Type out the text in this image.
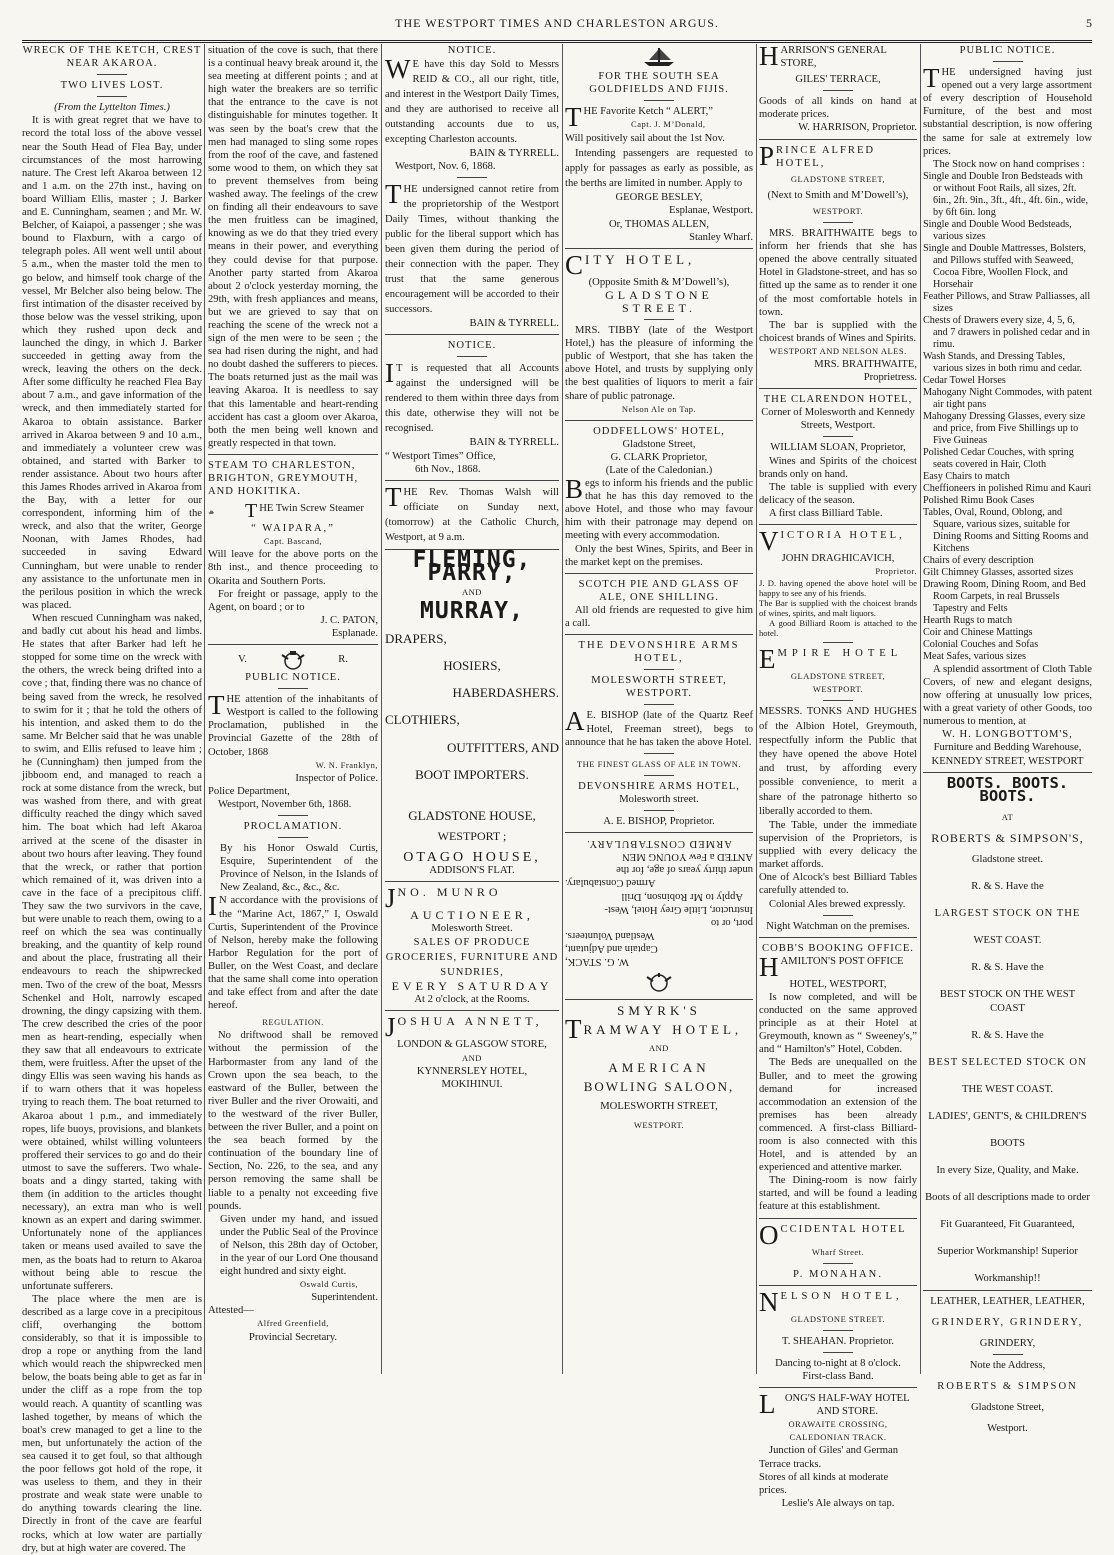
THE WESTPORT TIMES AND CHARLESTON ARGUS.	5

WRECK OF THE KETCH, CREST NEAR AKAROA.

TWO LIVES LOST.

(From the Lyttelton Times.)

It is with great regret that we have to record the total loss of the above vessel near the South Head of Flea Bay, under circumstances of the most harrowing nature. The Crest left Akaroa between 12 and 1 a.m. on the 27th inst., having on board William Ellis, master ; J. Barker and E. Cunningham, seamen ; and Mr. W. Belcher, of Kaiapoi, a passenger ; she was bound to Flaxburn, with a cargo of telegraph poles. All went well until about 5 a.m., when the master told the men to go below, and himself took charge of the vessel, Mr Belcher also being below. The first intimation of the disaster received by those below was the vessel striking, upon which they rushed upon deck and launched the dingy, in which J. Barker succeeded in getting away from the wreck, leaving the others on the deck. After some difficulty he reached Flea Bay about 7 a.m., and gave information of the wreck, and then immediately started for Akaroa to obtain assistance. Barker arrived in Akaroa between 9 and 10 a.m., and immediately a volunteer crew was obtained, and started with Barker to render assistance. About two hours after this James Rhodes arrived in Akaroa from the Bay, with a letter for our correspondent, informing him of the wreck, and also that the writer, George Noonan, with James Rhodes, had succeeded in saving Edward Cunningham, but were unable to render any assistance to the unfortunate men in the perilous position in which the wreck was placed.

When rescued Cunningham was naked, and badly cut about his head and limbs. He states that after Barker had left he stopped for some time on the wreck with the others, the wreck being drifted into a cove ; that, finding there was no chance of being saved from the wreck, he resolved to swim for it ; that he told the others of his intention, and asked them to do the same. Mr Belcher said that he was unable to swim, and Ellis refused to leave him ; he (Cunningham) then jumped from the jibboom end, and managed to reach a rock at some distance from the wreck, but was washed from there, and with great difficulty reached the dingy which saved him. The boat which had left Akaroa arrived at the scene of the disaster in about two hours after leaving. They found that the wreck, or rather that portion which remained of it, was driven into a cave in the face of a precipitous cliff. They saw the two survivors in the cave, but were unable to reach them, owing to a reef on which the sea was continually breaking, and the quantity of kelp round and about the place, frustrating all their endeavours to reach the shipwrecked men. Two of the crew of the boat, Messrs Schenkel and Holt, narrowly escaped drowning, the dingy capsizing with them. The crew described the cries of the poor men as heart-rending, especially when they saw that all endeavours to extricate them, were fruitless. After the upset of the dingy Ellis was seen waving his hands as if to warn others that it was hopeless trying to reach them. The boat returned to Akaroa about 1 p.m., and immediately ropes, life buoys, provisions, and blankets were obtained, whilst willing volunteers proffered their services to go and do their utmost to save the sufferers. Two whale-boats and a dingy started, taking with them (in addition to the articles thought necessary), an extra man who is well known as an expert and daring swimmer. Unfortunately none of the appliances taken or means used availed to save the men, as the boats had to return to Akaroa without being able to rescue the unfortunate sufferers.

The place where the men are is described as a large cove in a precipitous cliff, overhanging the bottom considerably, so that it is impossible to drop a rope or anything from the land which would reach the shipwrecked men below, the boats being able to get as far in under the cliff as a rope from the top would reach. A quantity of scantling was lashed together, by means of which the boat's crew managed to get a line to the men, but unfortunately the action of the sea caused it to get foul, so that although the poor fellows got hold of the rope, it was useless to them, and they in their prostrate and weak state were unable to do anything towards clearing the line. Directly in front of the cave are fearful rocks, which at low water are partially dry, but at high water are covered. The

situation of the cove is such, that there is a continual heavy break around it, the sea meeting at different points ; and at high water the breakers are so terrific that the entrance to the cave is not distinguishable for minutes together. It was seen by the boat's crew that the men had managed to sling some ropes from the roof of the cave, and fastened some wood to them, on which they sat to prevent themselves from being washed away. The feelings of the crew on finding all their endeavours to save the men fruitless can be imagined, knowing as we do that they tried every means in their power, and everything they could devise for that purpose. Another party started from Akaroa about 2 o'clock yesterday morning, the 29th, with fresh appliances and means, but we are grieved to say that on reaching the scene of the wreck not a sign of the men were to be seen ; the sea had risen during the night, and had no doubt dashed the sufferers to pieces. The boats returned just as the mail was leaving Akaroa. It is needless to say that this lamentable and heart-rending accident has cast a gloom over Akaroa, both the men being well known and greatly respected in that town.

STEAM TO CHARLESTON, BRIGHTON, GREYMOUTH, AND HOKITIKA.

T HE Twin Screw Steamer

“ WAIPARA,”

Capt. Bascand,

Will leave for the above ports on the 8th inst., and thence proceeding to Okarita and Southern Ports.

For freight or passage, apply to the Agent, on board ; or to

J. C. PATON,

Esplanade.

V.	R.

PUBLIC NOTICE.

T HE attention of the inhabitants of Westport is called to the following Proclamation, published in the Provincial Gazette of the 28th of October, 1868

W. N. Franklyn,

Inspector of Police.

Police Department,

Westport, November 6th, 1868.

PROCLAMATION.

By his Honor Oswald Curtis, Esquire, Superintendent of the Province of Nelson, in the Islands of New Zealand, &c., &c., &c.

I N accordance with the provisions of the “Marine Act, 1867,” I, Oswald Curtis, Superintendent of the Province of Nelson, hereby make the following Harbor Regulation for the port of Buller, on the West Coast, and declare that the same shall come into operation and take effect from and after the date hereof.

REGULATION.

No driftwood shall be removed without the permission of the Harbormaster from any land of the Crown upon the sea beach, to the eastward of the Buller, between the river Buller and the river Orowaiti, and to the westward of the river Buller, between the river Buller, and a point on the sea beach formed by the continuation of the boundary line of Section, No. 226, to the sea, and any person removing the same shall be liable to a penalty not exceeding five pounds.

Given under my hand, and issued under the Public Seal of the Province of Nelson, this 28th day of October, in the year of our Lord One thousand eight hundred and sixty eight.

Oswald Curtis,

Superintendent.

Attested—

Alfred Greenfield,

Provincial Secretary.

NOTICE.

W E have this day Sold to Messrs REID & CO., all our right, title, and interest in the Westport Daily Times, and they are authorised to receive all outstanding accounts due to us, excepting Charleston accounts.

BAIN & TYRRELL.

Westport, Nov. 6, 1868.

T HE undersigned cannot retire from the proprietorship of the Westport Daily Times, without thanking the public for the liberal support which has been given them during the period of their connection with the paper. They trust that the same generous encouragement will be accorded to their successors.

BAIN & TYRRELL.

NOTICE.

I T is requested that all Accounts against the undersigned will be rendered to them within three days from this date, otherwise they will not be recognised.

BAIN & TYRRELL.

“ Westport Times” Office,

6th Nov., 1868.

T HE Rev. Thomas Walsh will officiate on Sunday next, (tomorrow) at the Catholic Church, Westport, at 9 a.m.

FLEMING, PARRY,

AND

MURRAY,

DRAPERS,

HOSIERS,

HABERDASHERS.

CLOTHIERS,

OUTFITTERS, AND

BOOT IMPORTERS.

GLADSTONE HOUSE,

WESTPORT ;

OTAGO HOUSE,

ADDISON'S FLAT.

J NO. MUNRO

AUCTIONEER,

Molesworth Street.

SALES OF PRODUCE GROCERIES, FURNITURE AND SUNDRIES,

EVERY SATURDAY

At 2 o'clock, at the Rooms.

J OSHUA ANNETT,

LONDON & GLASGOW STORE,

AND

KYNNERSLEY HOTEL,

MOKIHINUI.

FOR THE SOUTH SEA GOLDFIELDS AND FIJIS.

T HE Favorite Ketch “ ALERT,”

Capt. J. M’Donald,

Will positively sail about the 1st Nov.

Intending passengers are requested to apply for passages as early as possible, as the berths are limited in number. Apply to

GEORGE BESLEY,

Esplanae, Westport.

Or, THOMAS ALLEN,

Stanley Wharf.

C ITY HOTEL,

(Opposite Smith & M’Dowell’s),

GLADSTONE STREET.

MRS. TIBBY (late of the Westport Hotel,) has the pleasure of informing the public of Westport, that she has taken the above Hotel, and trusts by supplying only the best qualities of liquors to merit a fair share of public patronage.

Nelson Ale on Tap.

ODDFELLOWS' HOTEL,

Gladstone Street,

G. CLARK Proprietor,

(Late of the Caledonian.)

B egs to inform his friends and the public that he has this day removed to the above Hotel, and those who may favour him with their patronage may depend on meeting with every accommodation.

Only the best Wines, Spirits, and Beer in the market kept on the premises.

SCOTCH PIE AND GLASS OF ALE, ONE SHILLING.

All old friends are requested to give him a call.

THE DEVONSHIRE ARMS HOTEL,

MOLESWORTH STREET, WESTPORT.

A E. BISHOP (late of the Quartz Reef Hotel, Freeman street), begs to announce that he has taken the above Hotel.

THE FINEST GLASS OF ALE IN TOWN.

DEVONSHIRE ARMS HOTEL,

Molesworth street.

A. E. BISHOP, Proprietor.

W. G. STACK,

Captain and Adjutant,

Westland Volunteers.

port, or to

Instructor, Little Grey Hotel, West-

Apply to Mr Robinson, Drill

Armed Constabulary.

under thirty years of age, for the

ANTED a Few YOUNG MEN

ARMED CONSTABULARY.

SMYRK'S

T RAMWAY HOTEL,

AND

AMERICAN

BOWLING SALOON,

MOLESWORTH STREET,

WESTPORT.

H ARRISON'S GENERAL STORE,

GILES' TERRACE,

Goods of all kinds on hand at moderate prices.

W. HARRISON, Proprietor.

P RINCE ALFRED HOTEL,

GLADSTONE STREET,

(Next to Smith and M’Dowell’s),

WESTPORT.

MRS. BRAITHWAITE begs to inform her friends that she has opened the above centrally situated Hotel in Gladstone-street, and has so fitted up the same as to render it one of the most comfortable hotels in town.

The bar is supplied with the choicest brands of Wines and Spirits.

WESTPORT AND NELSON ALES.

MRS. BRAITHWAITE,

Proprietress.

THE CLARENDON HOTEL,

Corner of Molesworth and Kennedy Streets, Westport.

WILLIAM SLOAN, Proprietor,

Wines and Spirits of the choicest brands only on hand.

The table is supplied with every delicacy of the season.

A first class Billiard Table.

V ICTORIA HOTEL,

JOHN DRAGHICAVICH,

Proprietor.

J. D. having opened the above hotel will be happy to see any of his friends.

The Bar is supplied with the choicest brands of wines, spirits, and malt liquors.

A good Billiard Room is attached to the hotel.

E MPIRE HOTEL

GLADSTONE STREET,

WESTPORT.

MESSRS. TONKS AND HUGHES of the Albion Hotel, Greymouth, respectfully inform the Public that they have opened the above Hotel and trust, by affording every possible convenience, to merit a share of the patronage hitherto so liberally accorded to them.

The Table, under the immediate supervision of the Proprietors, is supplied with every delicacy the market affords.

One of Alcock's best Billiard Tables carefully attended to.

Colonial Ales brewed expressly.

Night Watchman on the premises.

COBB'S BOOKING OFFICE.

H AMILTON'S POST OFFICE

HOTEL, WESTPORT,

Is now completed, and will be conducted on the same approved principle as at their Hotel at Greymouth, known as “ Sweeney's,” and “ Hamilton's” Hotel, Cobden.

The Beds are unequalled on the Buller, and to meet the growing demand for increased accommodation an extension of the premises has been already commenced. A first-class Billiard-room is also connected with this Hotel, and is attended by an experienced and attentive marker.

The Dining-room is now fairly started, and will be found a leading feature at this establishment.

O CCIDENTAL HOTEL

Wharf Street.

P. MONAHAN.

N ELSON HOTEL,

GLADSTONE STREET.

T. SHEAHAN. Proprietor.

Dancing to-night at 8 o'clock.

First-class Band.

L ONG'S HALF-WAY HOTEL AND STORE.

ORAWAITE CROSSING, CALEDONIAN TRACK.

Junction of Giles' and German Terrace tracks.

Stores of all kinds at moderate prices.

Leslie's Ale always on tap.

PUBLIC NOTICE.

T HE undersigned having just opened out a very large assortment of every description of Household Furniture, of the best and most substantial description, is now offering the same for sale at extremely low prices.

The Stock now on hand comprises :

Single and Double Iron Bedsteads with or without Foot Rails, all sizes, 2ft. 6in., 2ft. 9in., 3ft., 4ft., 4ft. 6in., wide, by 6ft 6in. long

Single and Double Wood Bedsteads, various sizes

Single and Double Mattresses, Bolsters, and Pillows stuffed with Seaweed, Cocoa Fibre, Woollen Flock, and Horsehair

Feather Pillows, and Straw Palliasses, all sizes

Chests of Drawers every size, 4, 5, 6, and 7 drawers in polished cedar and in rimu.

Wash Stands, and Dressing Tables, various sizes in both rimu and cedar.

Cedar Towel Horses

Mahogany Night Commodes, with patent air tight pans

Mahogany Dressing Glasses, every size and price, from Five Shillings up to Five Guineas

Polished Cedar Couches, with spring seats covered in Hair, Cloth

Easy Chairs to match

Cheffioneers in polished Rimu and Kauri

Polished Rimu Book Cases

Tables, Oval, Round, Oblong, and Square, various sizes, suitable for Dining Rooms and Sitting Rooms and Kitchens

Chairs of every description

Gilt Chimney Glasses, assorted sizes

Drawing Room, Dining Room, and Bed Room Carpets, in real Brussels Tapestry and Felts

Hearth Rugs to match

Coir and Chinese Mattings

Colonial Couches and Sofas

Meat Safes, various sizes

A splendid assortment of Cloth Table Covers, of new and elegant designs, now offering at unusually low prices, with a great variety of other Goods, too numerous to mention, at

W. H. LONGBOTTOM'S,

Furniture and Bedding Warehouse,

KENNEDY STREET, WESTPORT

BOOTS. BOOTS. BOOTS.

AT

ROBERTS & SIMPSON'S,

Gladstone street.

R. & S. Have the

LARGEST STOCK ON THE

WEST COAST.

R. & S. Have the

BEST STOCK ON THE WEST COAST

R. & S. Have the

BEST SELECTED STOCK ON

THE WEST COAST.

LADIES', GENT'S, & CHILDREN'S

BOOTS

In every Size, Quality, and Make.

Boots of all descriptions made to order

Fit Guaranteed, Fit Guaranteed,

Superior Workmanship! Superior

Workmanship!!

LEATHER, LEATHER, LEATHER,

GRINDERY, GRINDERY,

GRINDERY,

Note the Address,

ROBERTS & SIMPSON

Gladstone Street,

Westport.
